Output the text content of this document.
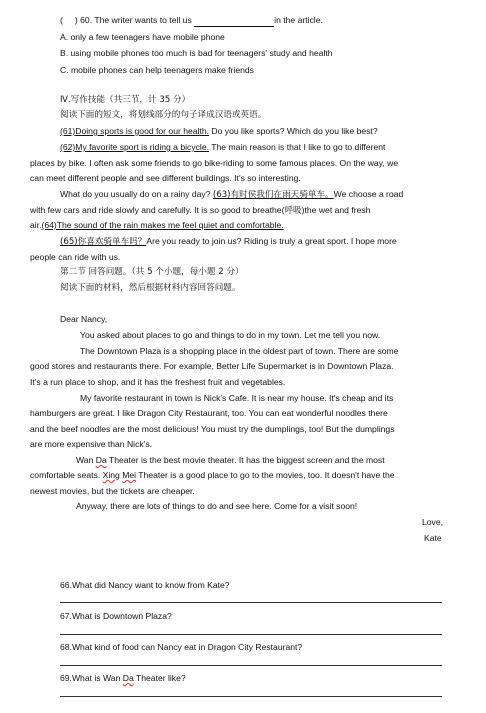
( ) 60. The writer wants to tell us	in the article.
A. only a few teenagers have mobile phone
B. using mobile phones too much is bad for teenagers' study and health
C. mobile phones can help teenagers make friends
Ⅳ.写作技能（共三节，计 35 分）
阅读下面的短文，将划线部分的句子译成汉语或英语。
(61)Doing sports is good for our health. Do you like sports? Which do you like best?
(62)My favorite sport is riding a bicycle. The main reason is that I like to go to different
places by bike. I often ask some friends to go bike-riding to some famous places. On the way, we
can meet different people and see different buildings. It's so interesting.
What do you usually do on a rainy day? (63)有时侯我们在雨天骑单车。We choose a road
with few cars and ride slowly and carefully. It is so good to breathe(呼吸)the wet and fresh
air.(64)The sound of the rain makes me feel quiet and comfortable.
(65)你喜欢骑单车吗？Are you ready to join us? Riding is truly a great sport. I hope more
people can ride with us.
第二节 回答问题。（共 5 个小题，每小题 2 分）
阅读下面的材料，然后根据材料内容回答问题。
Dear Nancy,
You asked about places to go and things to do in my town. Let me tell you now.
The Downtown Plaza is a shopping place in the oldest part of town. There are some
good stores and restaurants there. For example, Better Life Supermarket is in Downtown Plaza.
It's a run place to shop, and it has the freshest fruit and vegetables.
My favorite restaurant in town is Nick's Cafe. It is near my house. It's cheap and its
hamburgers are great. I like Dragon City Restaurant, too. You can eat wonderful noodles there
and the beef noodles are the most delicious! You must try the dumplings, too! But the dumplings
are more expensive than Nick's.
Wan Da Theater is the best movie theater. It has the biggest screen and the most
comfortable seats. Xing Mei Theater is a good place to go to the movies, too. It doesn't have the
newest movies, but the tickets are cheaper.
Anyway, there are lots of things to do and see here. Come for a visit soon!
Love,
Kate
66.What did Nancy want to know from Kate?
67.What is Downtown Plaza?
68.What kind of food can Nancy eat in Dragon City Restaurant?
69.What is Wan Da Theater like?
